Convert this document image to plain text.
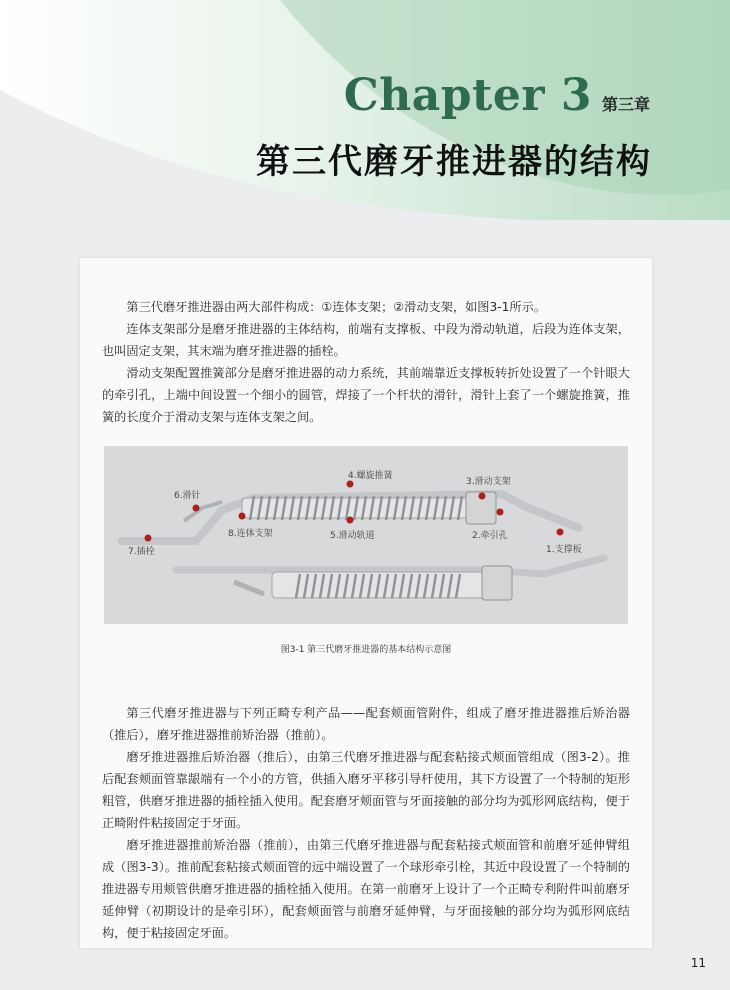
Chapter 3 第三章
第三代磨牙推进器的结构

第三代磨牙推进器由两大部件构成：①连体支架；②滑动支架，如图3-1所示。

连体支架部分是磨牙推进器的主体结构，前端有支撑板、中段为滑动轨道，后段为连体支架，也叫固定支架，其末端为磨牙推进器的插栓。

滑动支架配置推簧部分是磨牙推进器的动力系统，其前端靠近支撑板转折处设置了一个针眼大的牵引孔，上端中间设置一个细小的圆管，焊接了一个杆状的滑针，滑针上套了一个螺旋推簧，推簧的长度介于滑动支架与连体支架之间。

4.螺旋推簧
3.滑动支架
6.滑针
8.连体支架	5.滑动轨道	2.牵引孔
1.支撑板
7.插栓
图3-1 第三代磨牙推进器的基本结构示意图

第三代磨牙推进器与下列正畸专利产品——配套颊面管附件，组成了磨牙推进器推后矫治器（推后），磨牙推进器推前矫治器（推前）。

磨牙推进器推后矫治器（推后），由第三代磨牙推进器与配套粘接式颊面管组成（图3-2）。推后配套颊面管靠龈端有一个小的方管，供插入磨牙平移引导杆使用，其下方设置了一个特制的矩形粗管，供磨牙推进器的插栓插入使用。配套磨牙颊面管与牙面接触的部分均为弧形网底结构，便于正畸附件粘接固定于牙面。

磨牙推进器推前矫治器（推前），由第三代磨牙推进器与配套粘接式颊面管和前磨牙延伸臂组成（图3-3）。推前配套粘接式颊面管的远中端设置了一个球形牵引栓，其近中段设置了一个特制的推进器专用颊管供磨牙推进器的插栓插入使用。在第一前磨牙上设计了一个正畸专利附件叫前磨牙延伸臂（初期设计的是牵引环），配套颊面管与前磨牙延伸臂，与牙面接触的部分均为弧形网底结构，便于粘接固定牙面。

11
